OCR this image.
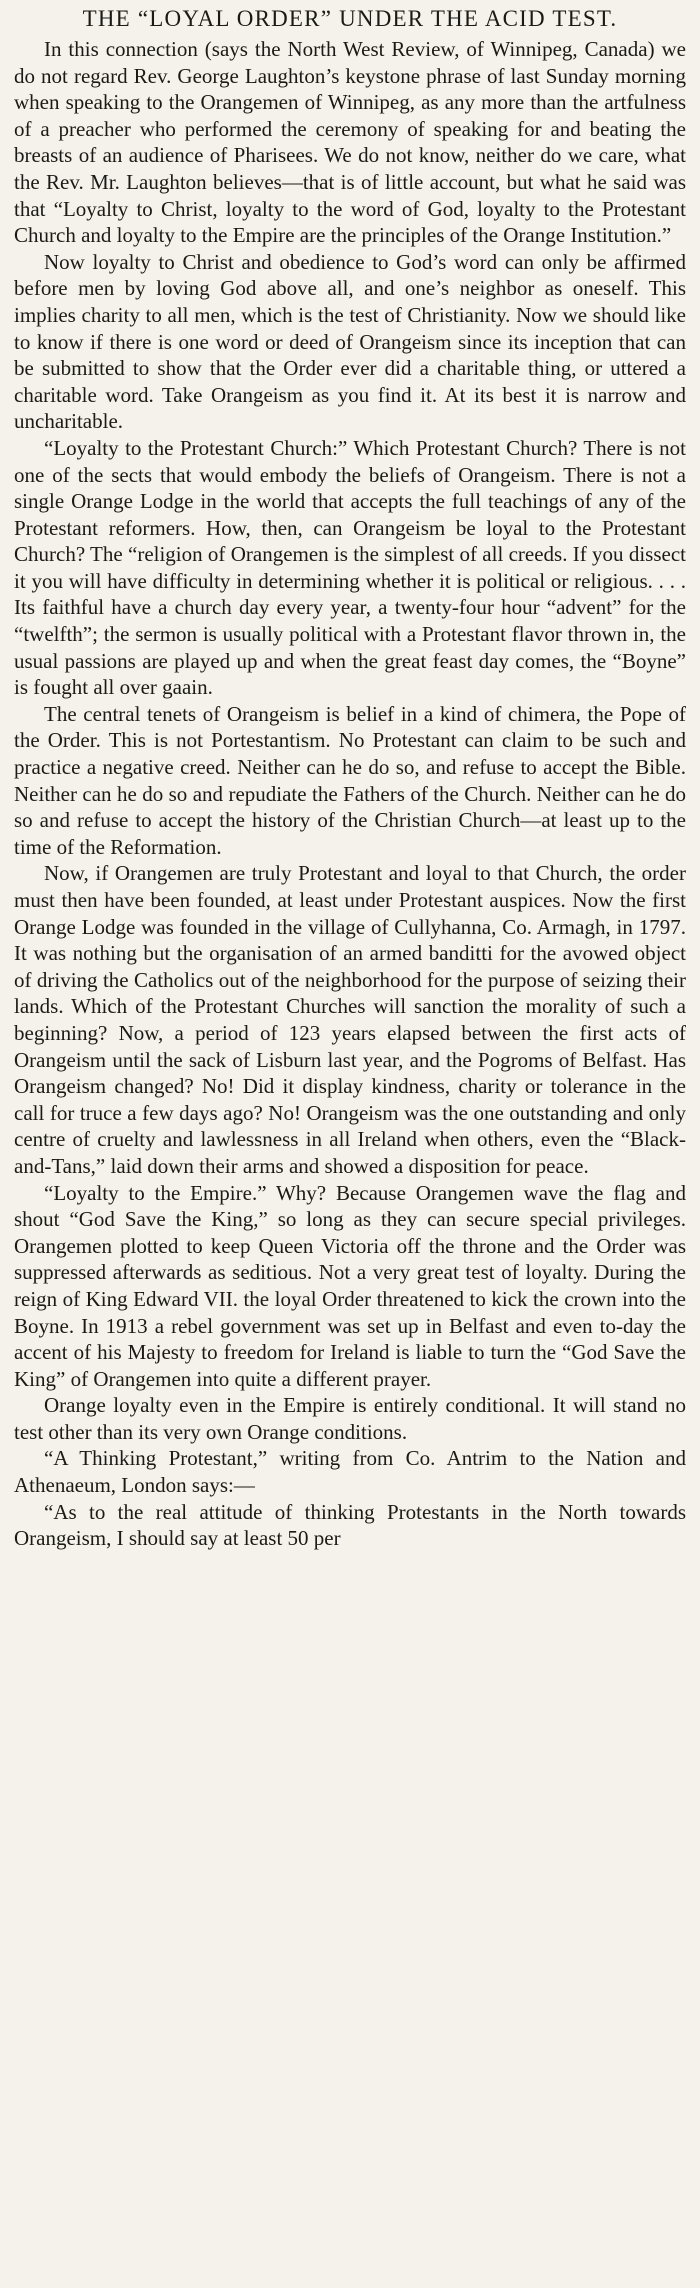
THE “LOYAL ORDER” UNDER THE ACID TEST.

In this connection (says the North West Review, of Winnipeg, Canada) we do not regard Rev. George Laughton’s keystone phrase of last Sunday morning when speaking to the Orangemen of Winnipeg, as any more than the artfulness of a preacher who performed the ceremony of speaking for and beating the breasts of an audience of Pharisees. We do not know, neither do we care, what the Rev. Mr. Laughton believes—that is of little account, but what he said was that “Loyalty to Christ, loyalty to the word of God, loyalty to the Protestant Church and loyalty to the Empire are the principles of the Orange Institution.”

Now loyalty to Christ and obedience to God’s word can only be affirmed before men by loving God above all, and one’s neighbor as oneself. This implies charity to all men, which is the test of Christianity. Now we should like to know if there is one word or deed of Orangeism since its inception that can be submitted to show that the Order ever did a charitable thing, or uttered a charitable word. Take Orangeism as you find it. At its best it is narrow and uncharitable.

“Loyalty to the Protestant Church:” Which Protestant Church? There is not one of the sects that would embody the beliefs of Orangeism. There is not a single Orange Lodge in the world that accepts the full teachings of any of the Protestant reformers. How, then, can Orangeism be loyal to the Protestant Church? The “religion of Orangemen is the simplest of all creeds. If you dissect it you will have difficulty in determining whether it is political or religious. . . . Its faithful have a church day every year, a twenty-four hour “advent” for the “twelfth”; the sermon is usually political with a Protestant flavor thrown in, the usual passions are played up and when the great feast day comes, the “Boyne” is fought all over gaain.

The central tenets of Orangeism is belief in a kind of chimera, the Pope of the Order. This is not Portestantism. No Protestant can claim to be such and practice a negative creed. Neither can he do so, and refuse to accept the Bible. Neither can he do so and repudiate the Fathers of the Church. Neither can he do so and refuse to accept the history of the Christian Church—at least up to the time of the Reformation.

Now, if Orangemen are truly Protestant and loyal to that Church, the order must then have been founded, at least under Protestant auspices. Now the first Orange Lodge was founded in the village of Cullyhanna, Co. Armagh, in 1797. It was nothing but the organisation of an armed banditti for the avowed object of driving the Catholics out of the neighborhood for the purpose of seizing their lands. Which of the Protestant Churches will sanction the morality of such a beginning? Now, a period of 123 years elapsed between the first acts of Orangeism until the sack of Lisburn last year, and the Pogroms of Belfast. Has Orangeism changed? No! Did it display kindness, charity or tolerance in the call for truce a few days ago? No! Orangeism was the one outstanding and only centre of cruelty and lawlessness in all Ireland when others, even the “Black-and-Tans,” laid down their arms and showed a disposition for peace.

“Loyalty to the Empire.” Why? Because Orangemen wave the flag and shout “God Save the King,” so long as they can secure special privileges. Orangemen plotted to keep Queen Victoria off the throne and the Order was suppressed afterwards as seditious. Not a very great test of loyalty. During the reign of King Edward VII. the loyal Order threatened to kick the crown into the Boyne. In 1913 a rebel government was set up in Belfast and even to-day the accent of his Majesty to freedom for Ireland is liable to turn the “God Save the King” of Orangemen into quite a different prayer.

Orange loyalty even in the Empire is entirely conditional. It will stand no test other than its very own Orange conditions.

“A Thinking Protestant,” writing from Co. Antrim to the Nation and Athenaeum, London says:—

“As to the real attitude of thinking Protestants in the North towards Orangeism, I should say at least 50 per
